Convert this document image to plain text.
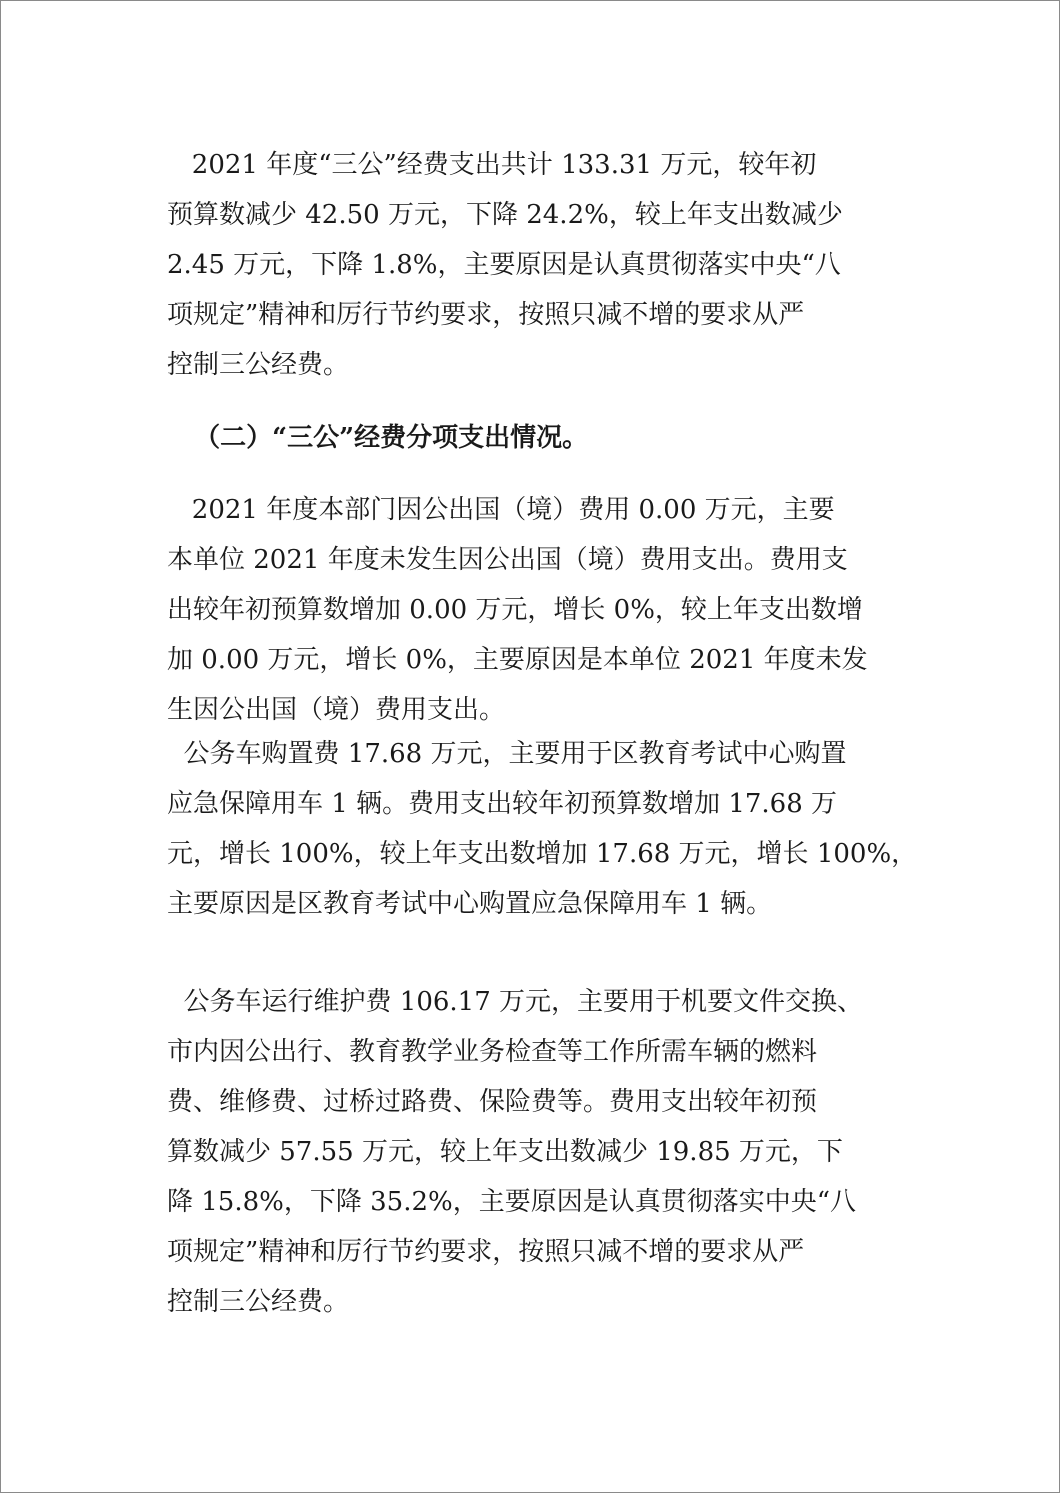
2021 年度“三公”经费支出共计 133.31 万元，较年初
预算数减少 42.50 万元，下降 24.2%，较上年支出数减少
2.45 万元，下降 1.8%，主要原因是认真贯彻落实中央“八
项规定”精神和厉行节约要求，按照只减不增的要求从严
控制三公经费。
（二）“三公”经费分项支出情况。
2021 年度本部门因公出国（境）费用 0.00 万元，主要
本单位 2021 年度未发生因公出国（境）费用支出。费用支
出较年初预算数增加 0.00 万元，增长 0%，较上年支出数增
加 0.00 万元，增长 0%，主要原因是本单位 2021 年度未发
生因公出国（境）费用支出。
公务车购置费 17.68 万元，主要用于区教育考试中心购置
应急保障用车 1 辆。费用支出较年初预算数增加 17.68 万
元，增长 100%，较上年支出数增加 17.68 万元，增长 100%，
主要原因是区教育考试中心购置应急保障用车 1 辆。
公务车运行维护费 106.17 万元，主要用于机要文件交换、
市内因公出行、教育教学业务检查等工作所需车辆的燃料
费、维修费、过桥过路费、保险费等。费用支出较年初预
算数减少 57.55 万元，较上年支出数减少 19.85 万元，下
降 15.8%，下降 35.2%，主要原因是认真贯彻落实中央“八
项规定”精神和厉行节约要求，按照只减不增的要求从严
控制三公经费。
